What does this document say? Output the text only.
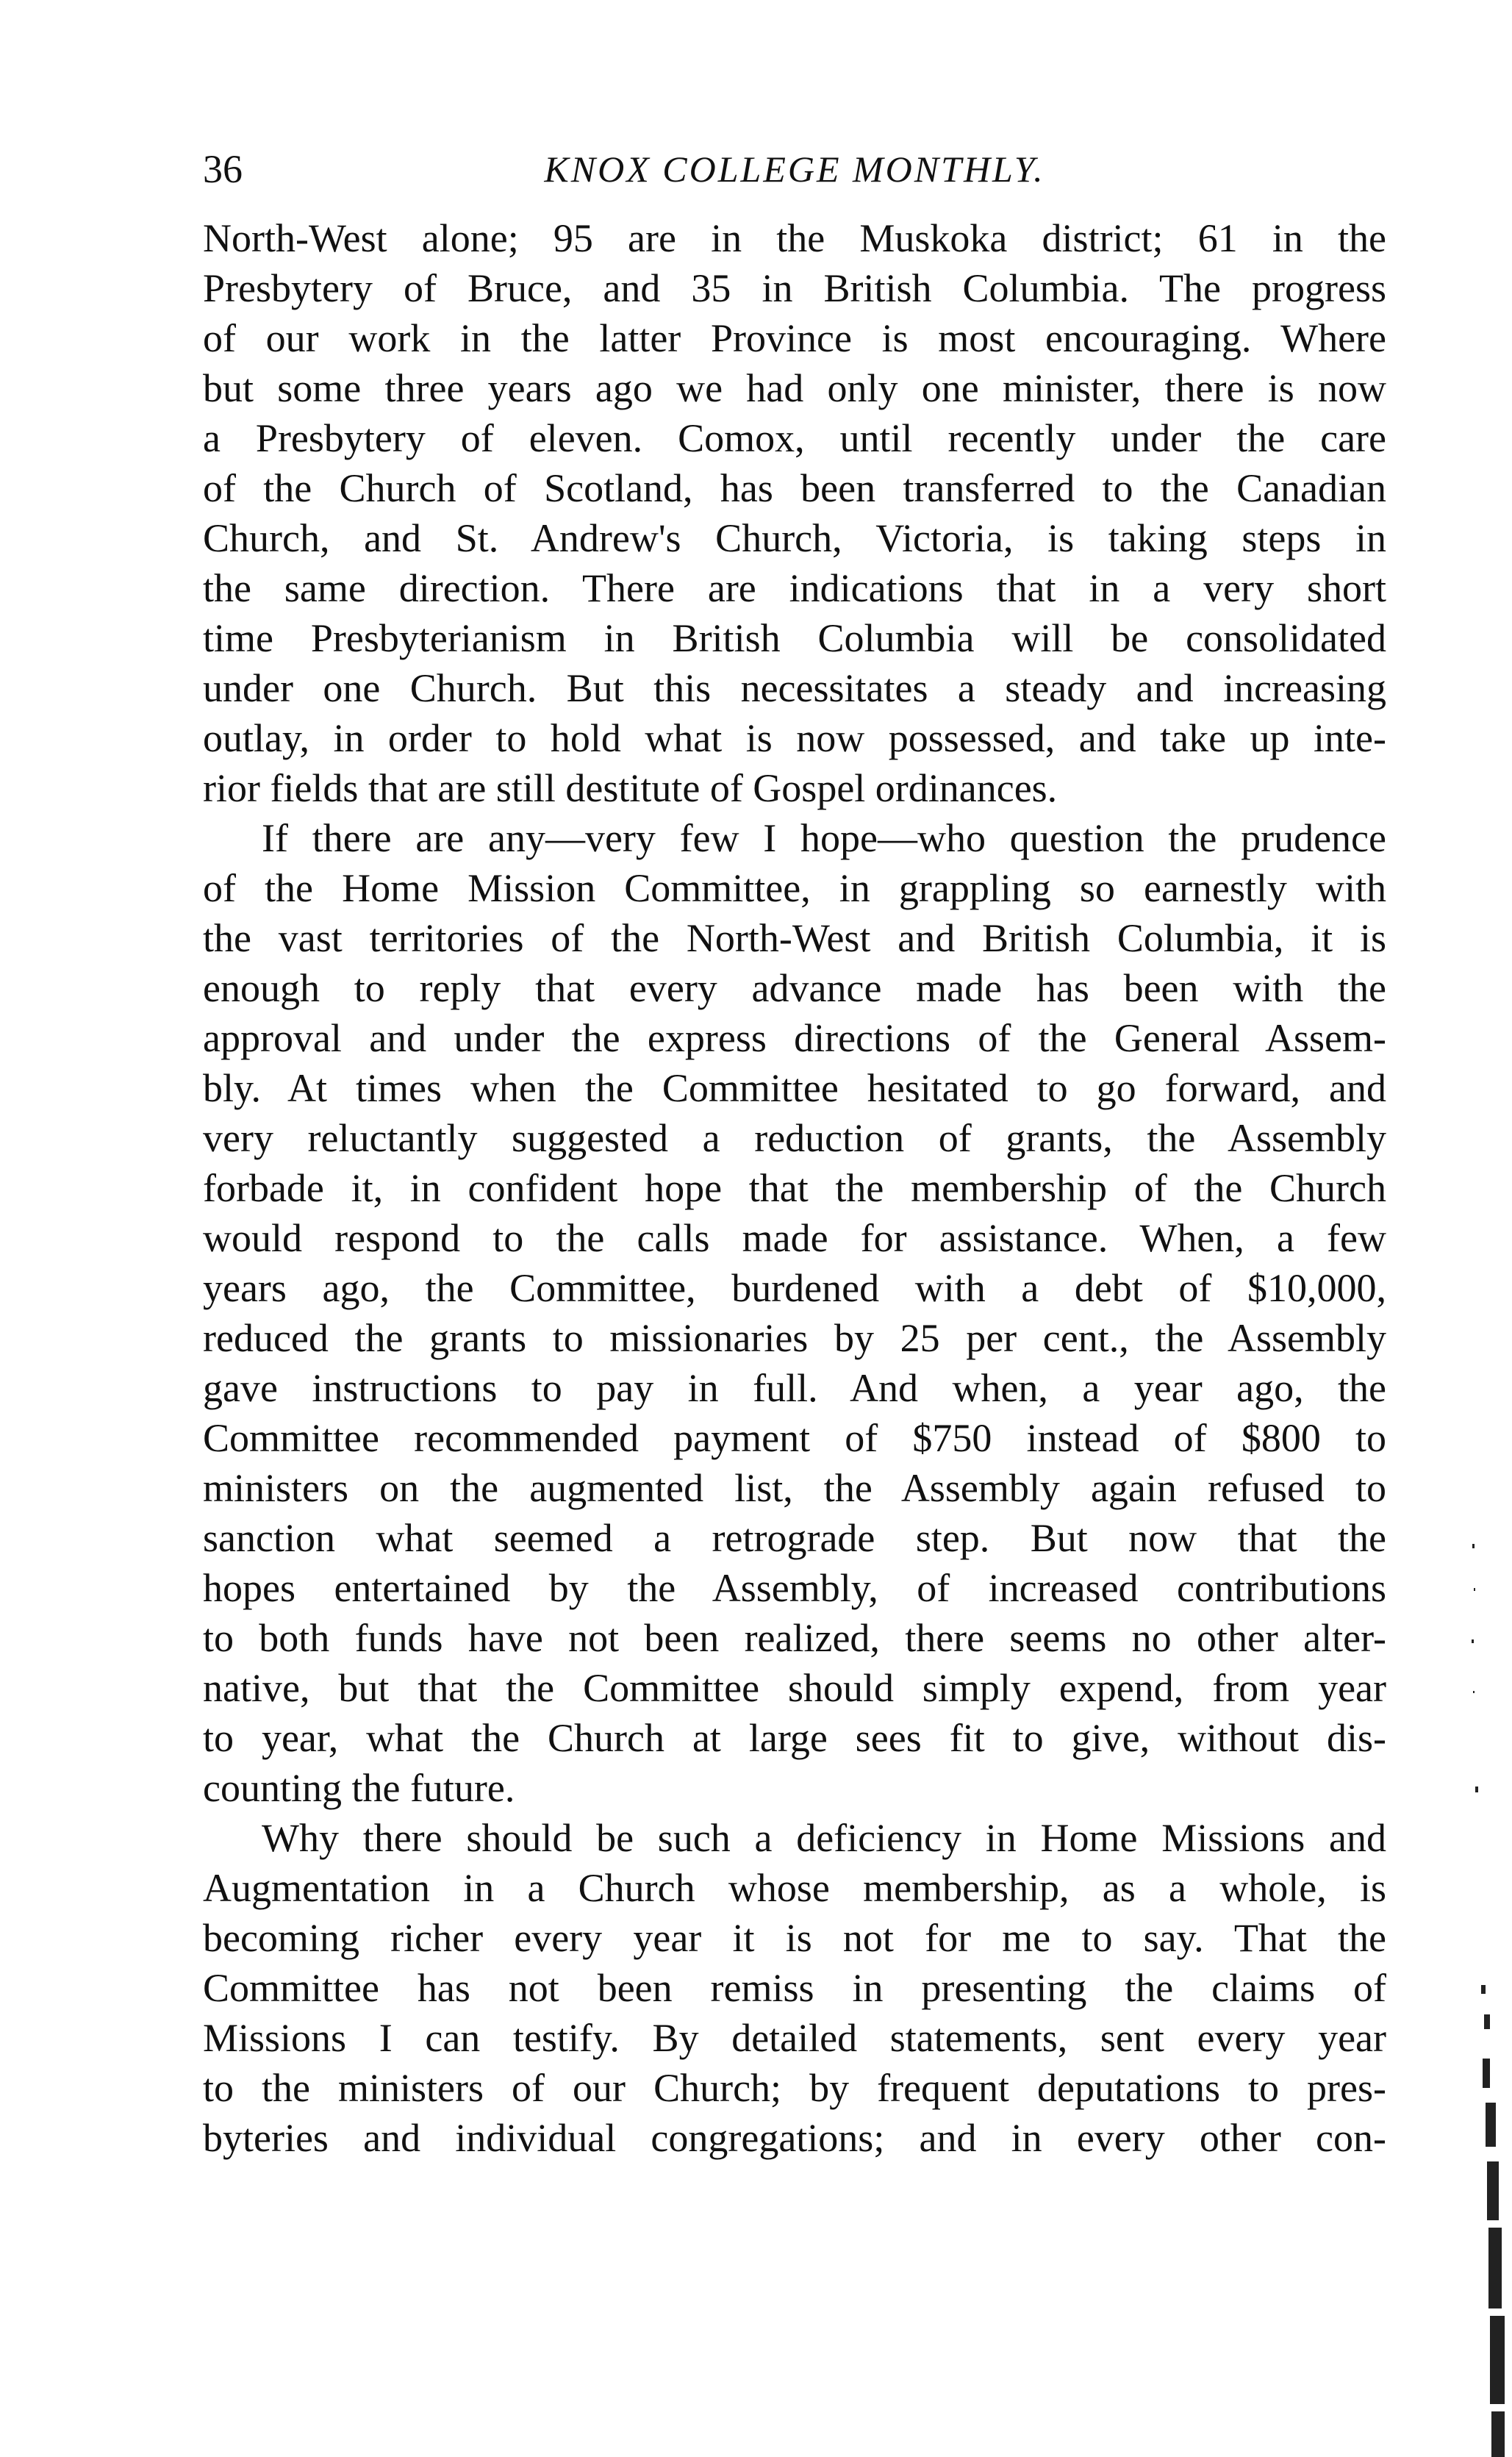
36	KNOX COLLEGE MONTHLY.
North-West alone; 95 are in the Muskoka district; 61 in the
Presbytery of Bruce, and 35 in British Columbia. The progress
of our work in the latter Province is most encouraging. Where
but some three years ago we had only one minister, there is now
a Presbytery of eleven. Comox, until recently under the care
of the Church of Scotland, has been transferred to the Canadian
Church, and St. Andrew's Church, Victoria, is taking steps in
the same direction. There are indications that in a very short
time Presbyterianism in British Columbia will be consolidated
under one Church. But this necessitates a steady and increasing
outlay, in order to hold what is now possessed, and take up inte-
rior fields that are still destitute of Gospel ordinances.
If there are any—very few I hope—who question the prudence
of the Home Mission Committee, in grappling so earnestly with
the vast territories of the North-West and British Columbia, it is
enough to reply that every advance made has been with the
approval and under the express directions of the General Assem-
bly. At times when the Committee hesitated to go forward, and
very reluctantly suggested a reduction of grants, the Assembly
forbade it, in confident hope that the membership of the Church
would respond to the calls made for assistance. When, a few
years ago, the Committee, burdened with a debt of $10,000,
reduced the grants to missionaries by 25 per cent., the Assembly
gave instructions to pay in full. And when, a year ago, the
Committee recommended payment of $750 instead of $800 to
ministers on the augmented list, the Assembly again refused to
sanction what seemed a retrograde step. But now that the
hopes entertained by the Assembly, of increased contributions
to both funds have not been realized, there seems no other alter-
native, but that the Committee should simply expend, from year
to year, what the Church at large sees fit to give, without dis-
counting the future.
Why there should be such a deficiency in Home Missions and
Augmentation in a Church whose membership, as a whole, is
becoming richer every year it is not for me to say. That the
Committee has not been remiss in presenting the claims of
Missions I can testify. By detailed statements, sent every year
to the ministers of our Church; by frequent deputations to pres-
byteries and individual congregations; and in every other con-
